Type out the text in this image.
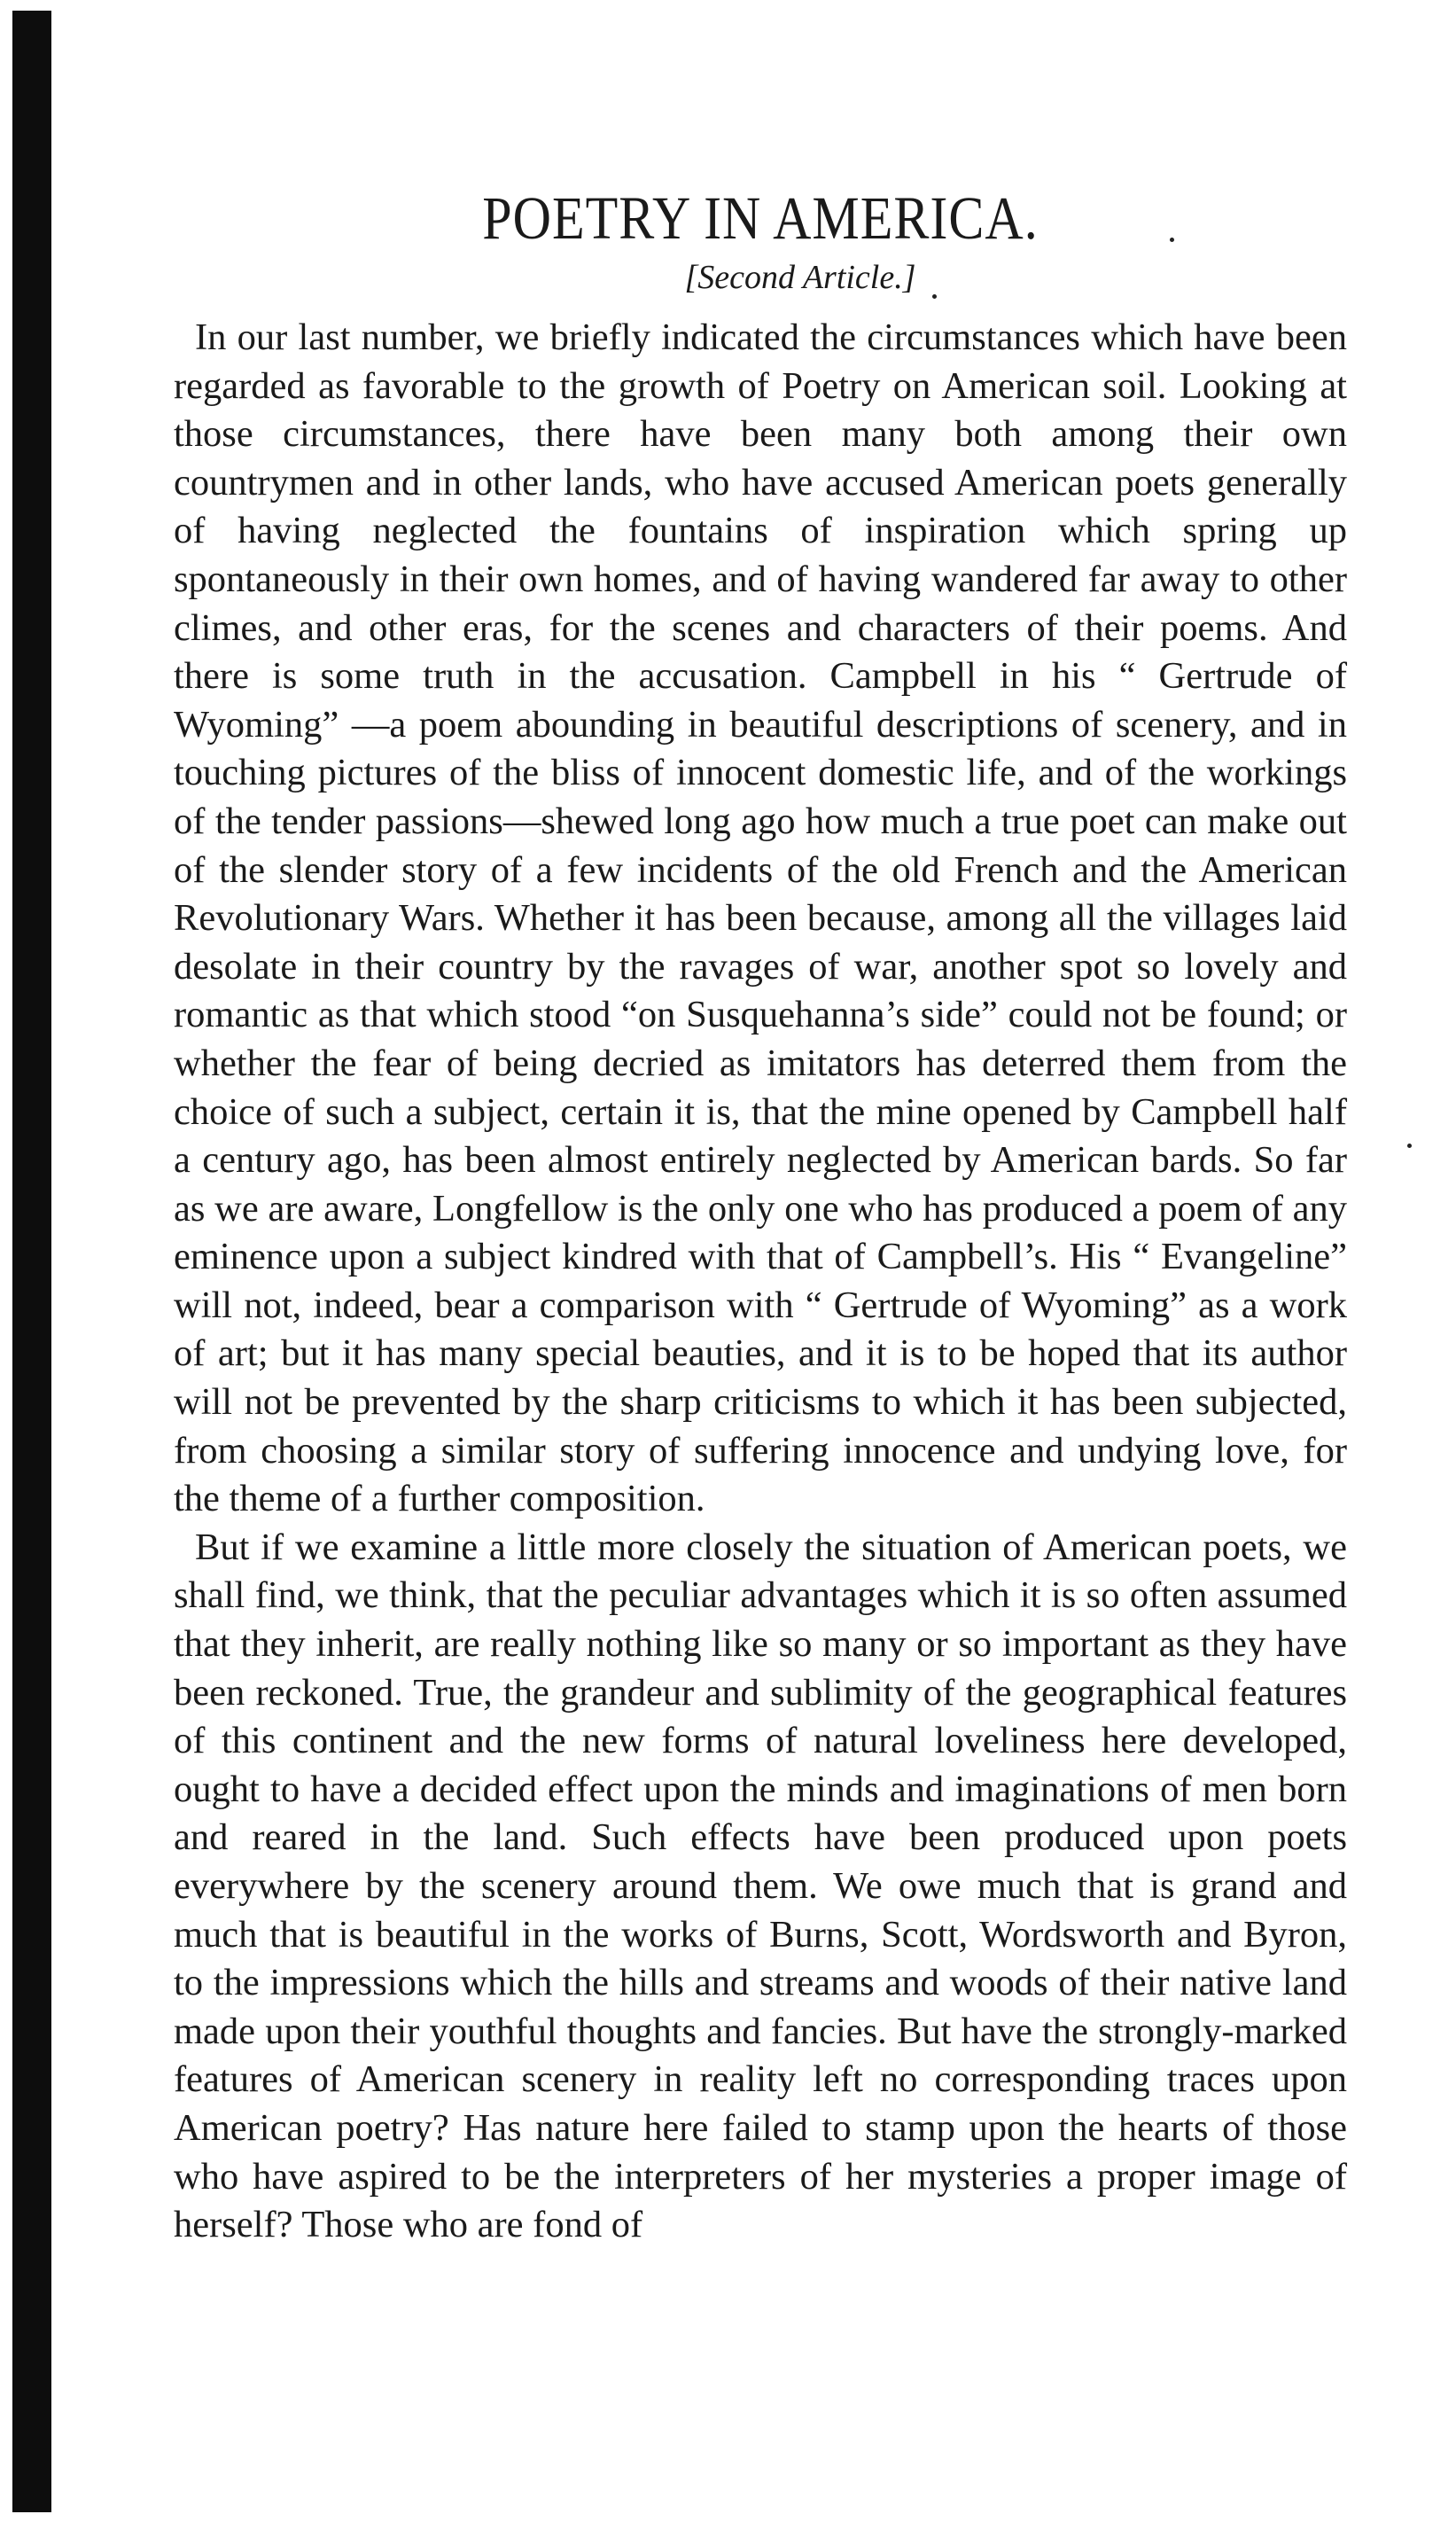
POETRY IN AMERICA.
[Second Article.]

In our last number, we briefly indicated the circumstances which have been regarded as favorable to the growth of Poetry on American soil. Looking at those circumstances, there have been many both among their own countrymen and in other lands, who have accused American poets generally of having neglected the fountains of inspiration which spring up spontaneously in their own homes, and of having wandered far away to other climes, and other eras, for the scenes and characters of their poems. And there is some truth in the accusation. Campbell in his “ Gertrude of Wyoming” —a poem abounding in beautiful descriptions of scenery, and in touching pictures of the bliss of innocent domestic life, and of the workings of the tender passions—shewed long ago how much a true poet can make out of the slender story of a few incidents of the old French and the American Revolutionary Wars. Whether it has been because, among all the villages laid desolate in their country by the ravages of war, another spot so lovely and romantic as that which stood “on Susquehanna’s side” could not be found; or whether the fear of being decried as imitators has deterred them from the choice of such a subject, certain it is, that the mine opened by Campbell half a century ago, has been almost entirely neglected by American bards. So far as we are aware, Longfellow is the only one who has produced a poem of any eminence upon a subject kindred with that of Campbell’s. His “ Evangeline” will not, indeed, bear a comparison with “ Gertrude of Wyoming” as a work of art; but it has many special beauties, and it is to be hoped that its author will not be prevented by the sharp criticisms to which it has been subjected, from choosing a similar story of suffering innocence and undying love, for the theme of a further composition.

But if we examine a little more closely the situation of American poets, we shall find, we think, that the peculiar advantages which it is so often assumed that they inherit, are really nothing like so many or so important as they have been reckoned. True, the grandeur and sublimity of the geographical features of this continent and the new forms of natural loveliness here developed, ought to have a decided effect upon the minds and imaginations of men born and reared in the land. Such effects have been produced upon poets everywhere by the scenery around them. We owe much that is grand and much that is beautiful in the works of Burns, Scott, Wordsworth and Byron, to the impressions which the hills and streams and woods of their native land made upon their youthful thoughts and fancies. But have the strongly-marked features of American scenery in reality left no corresponding traces upon American poetry? Has nature here failed to stamp upon the hearts of those who have aspired to be the interpreters of her mysteries a proper image of herself? Those who are fond of
